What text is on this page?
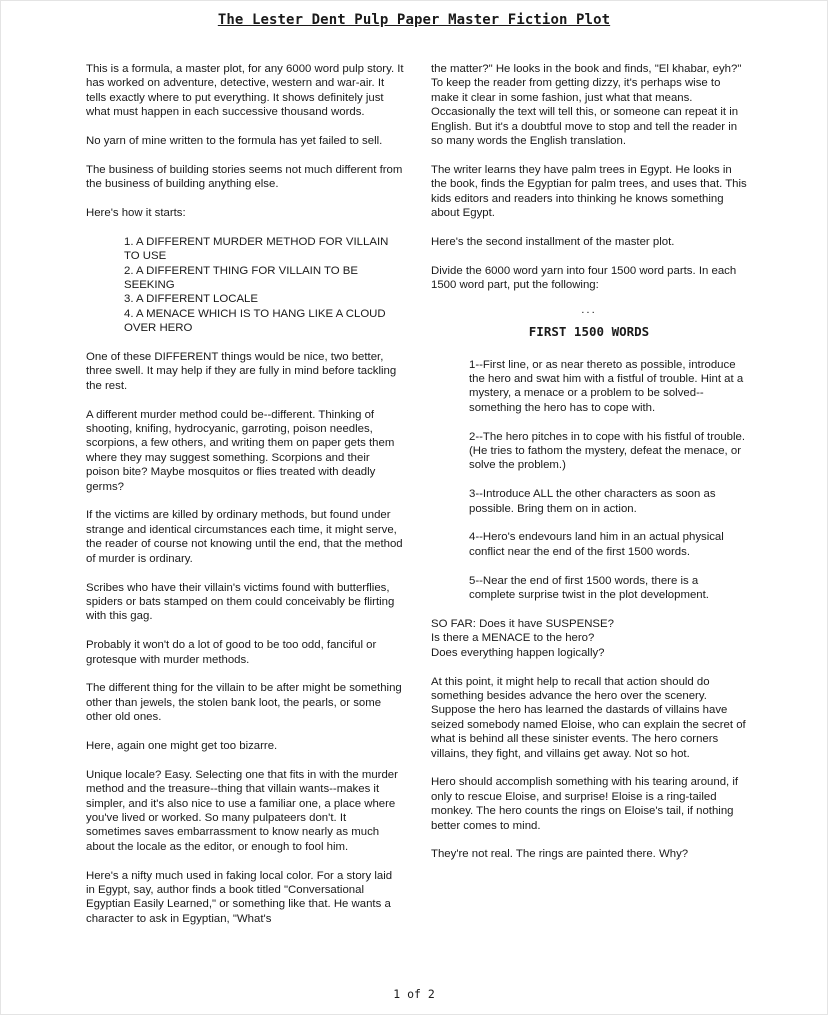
The Lester Dent Pulp Paper Master Fiction Plot

This is a formula, a master plot, for any 6000 word pulp story. It has worked on adventure, detective, western and war-air. It tells exactly where to put everything. It shows definitely just what must happen in each successive thousand words.

No yarn of mine written to the formula has yet failed to sell.

The business of building stories seems not much different from the business of building anything else.

Here's how it starts:

1. A DIFFERENT MURDER METHOD FOR VILLAIN TO USE
2. A DIFFERENT THING FOR VILLAIN TO BE SEEKING
3. A DIFFERENT LOCALE
4. A MENACE WHICH IS TO HANG LIKE A CLOUD OVER HERO

One of these DIFFERENT things would be nice, two better, three swell. It may help if they are fully in mind before tackling the rest.

A different murder method could be--different. Thinking of shooting, knifing, hydrocyanic, garroting, poison needles, scorpions, a few others, and writing them on paper gets them where they may suggest something. Scorpions and their poison bite? Maybe mosquitos or flies treated with deadly germs?

If the victims are killed by ordinary methods, but found under strange and identical circumstances each time, it might serve, the reader of course not knowing until the end, that the method of murder is ordinary.

Scribes who have their villain's victims found with butterflies, spiders or bats stamped on them could conceivably be flirting with this gag.

Probably it won't do a lot of good to be too odd, fanciful or grotesque with murder methods.

The different thing for the villain to be after might be something other than jewels, the stolen bank loot, the pearls, or some other old ones.

Here, again one might get too bizarre.

Unique locale? Easy. Selecting one that fits in with the murder method and the treasure--thing that villain wants--makes it simpler, and it's also nice to use a familiar one, a place where you've lived or worked. So many pulpateers don't. It sometimes saves embarrassment to know nearly as much about the locale as the editor, or enough to fool him.

Here's a nifty much used in faking local color. For a story laid in Egypt, say, author finds a book titled "Conversational Egyptian Easily Learned," or something like that. He wants a character to ask in Egyptian, "What's

the matter?" He looks in the book and finds, "El khabar, eyh?" To keep the reader from getting dizzy, it's perhaps wise to make it clear in some fashion, just what that means. Occasionally the text will tell this, or someone can repeat it in English. But it's a doubtful move to stop and tell the reader in so many words the English translation.

The writer learns they have palm trees in Egypt. He looks in the book, finds the Egyptian for palm trees, and uses that. This kids editors and readers into thinking he knows something about Egypt.

Here's the second installment of the master plot.

Divide the 6000 word yarn into four 1500 word parts. In each 1500 word part, put the following:

...
FIRST 1500 WORDS

1--First line, or as near thereto as possible, introduce the hero and swat him with a fistful of trouble. Hint at a mystery, a menace or a problem to be solved--something the hero has to cope with.

2--The hero pitches in to cope with his fistful of trouble. (He tries to fathom the mystery, defeat the menace, or solve the problem.)

3--Introduce ALL the other characters as soon as possible. Bring them on in action.

4--Hero's endevours land him in an actual physical conflict near the end of the first 1500 words.

5--Near the end of first 1500 words, there is a complete surprise twist in the plot development.

SO FAR: Does it have SUSPENSE?
Is there a MENACE to the hero?
Does everything happen logically?

At this point, it might help to recall that action should do something besides advance the hero over the scenery. Suppose the hero has learned the dastards of villains have seized somebody named Eloise, who can explain the secret of what is behind all these sinister events. The hero corners villains, they fight, and villains get away. Not so hot.

Hero should accomplish something with his tearing around, if only to rescue Eloise, and surprise! Eloise is a ring-tailed monkey. The hero counts the rings on Eloise's tail, if nothing better comes to mind.

They're not real. The rings are painted there. Why?

1 of 2
